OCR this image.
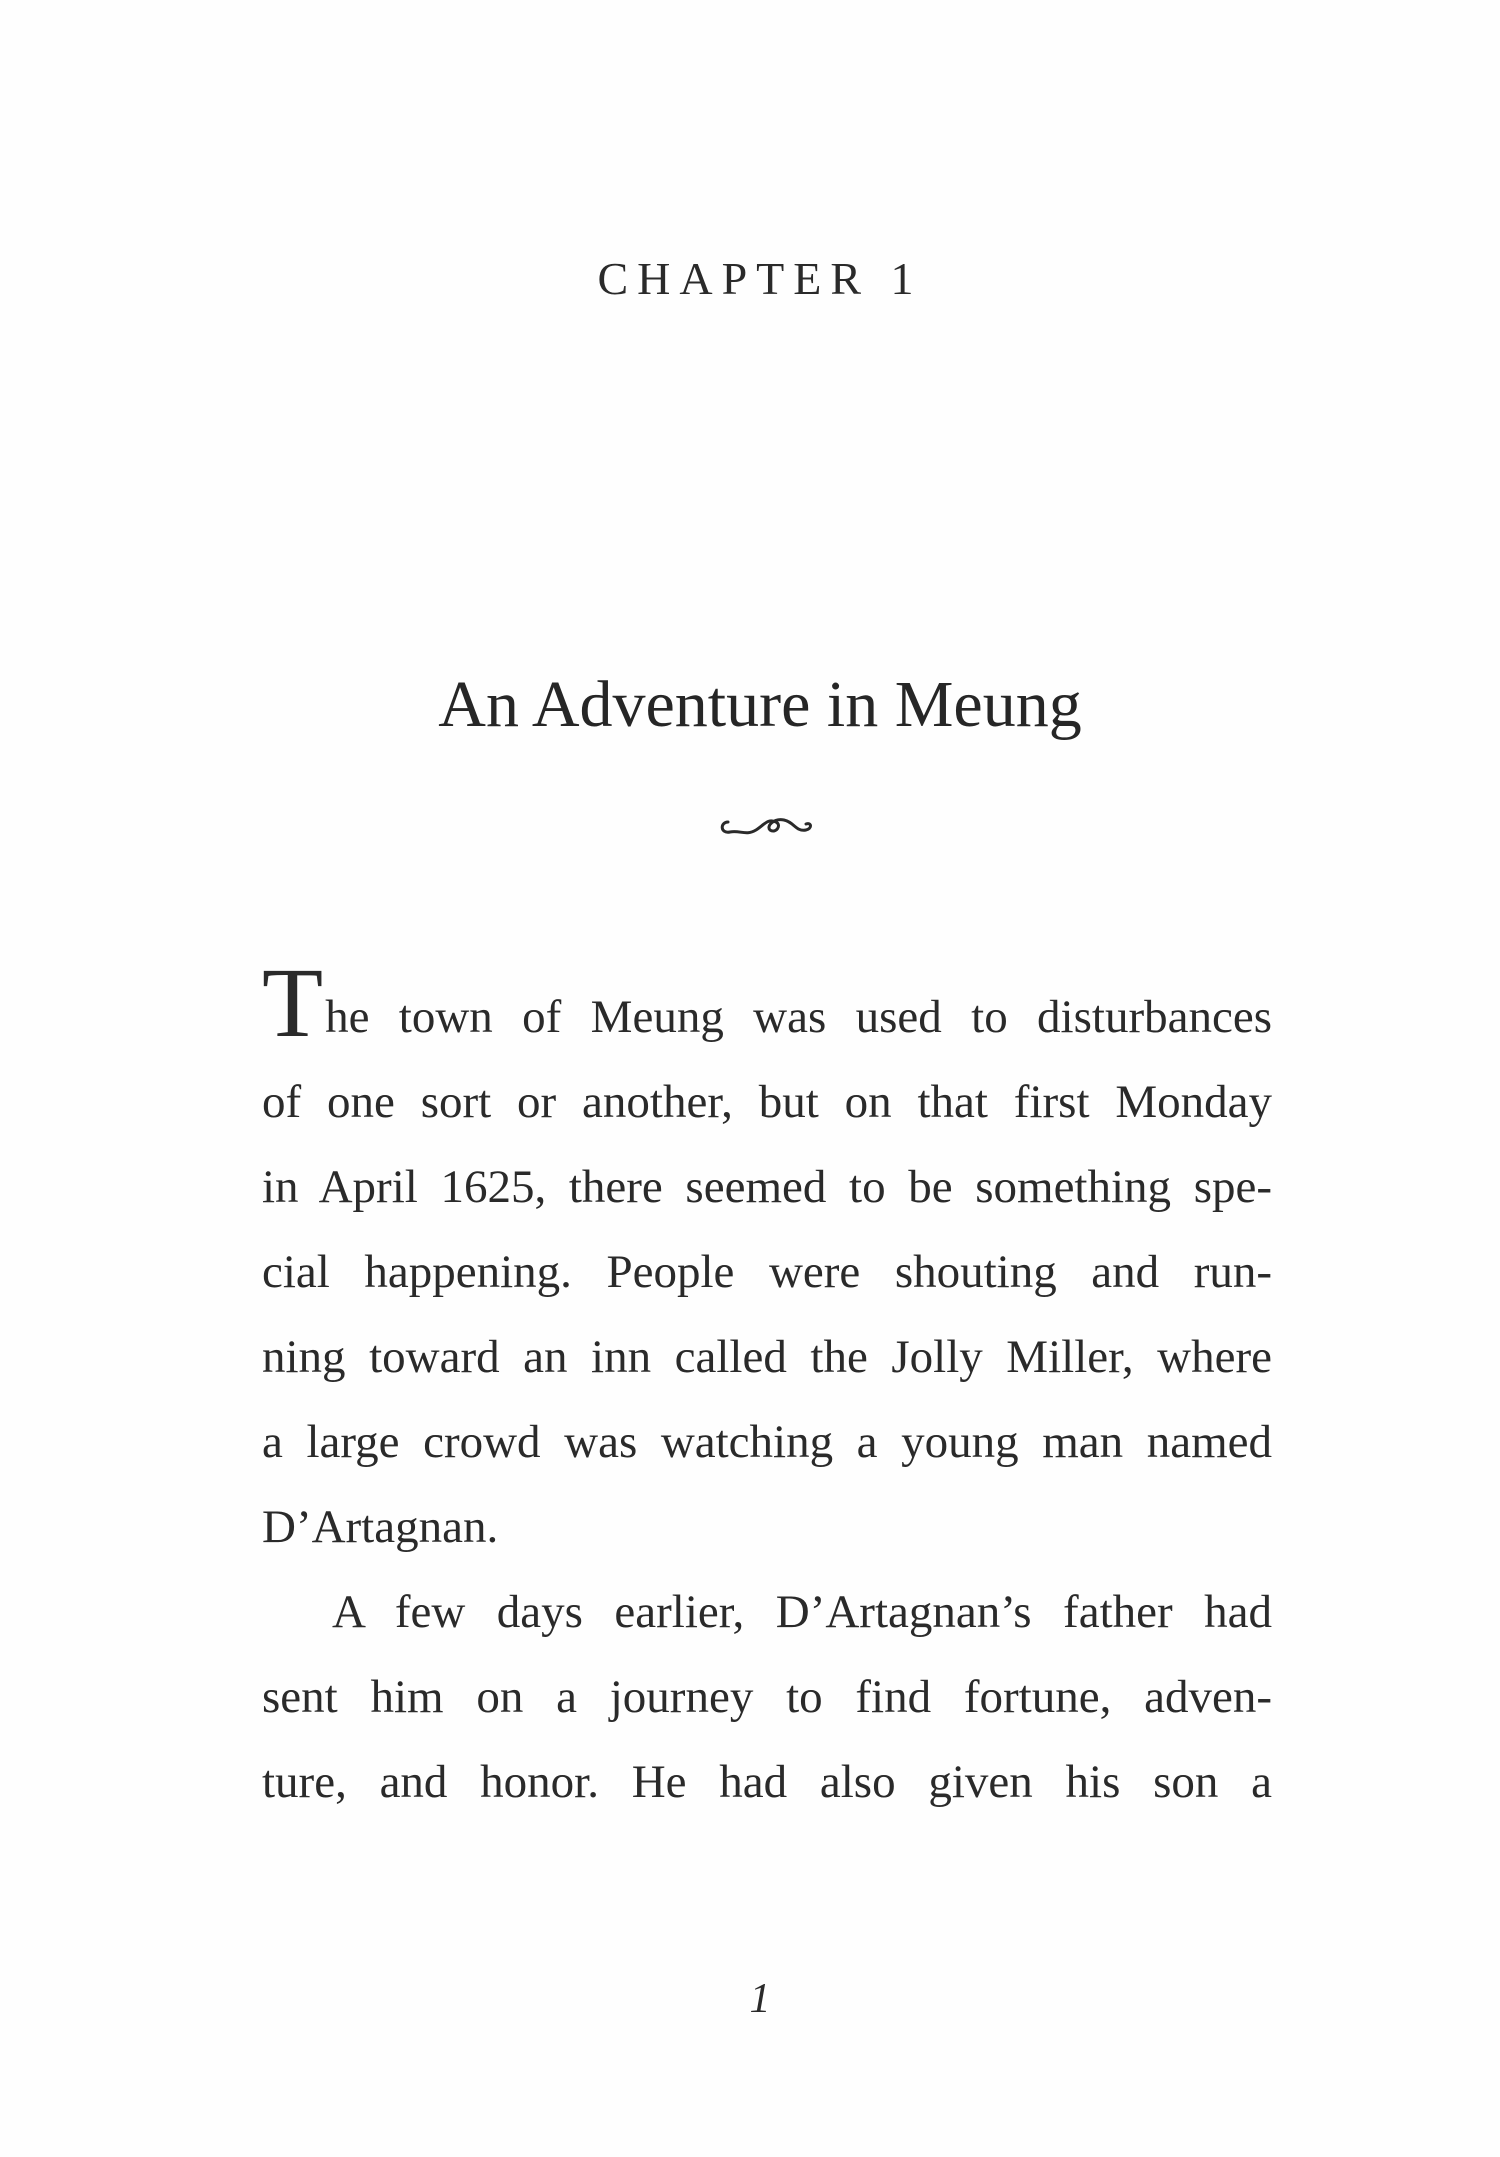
CHAPTER 1
An Adventure in Meung

The town of Meung was used to disturbances
of one sort or another, but on that first Monday
in April 1625, there seemed to be something spe-
cial happening. People were shouting and run-
ning toward an inn called the Jolly Miller, where
a large crowd was watching a young man named
D’Artagnan.

A few days earlier, D’Artagnan’s father had
sent him on a journey to find fortune, adven-
ture, and honor. He had also given his son a

1
